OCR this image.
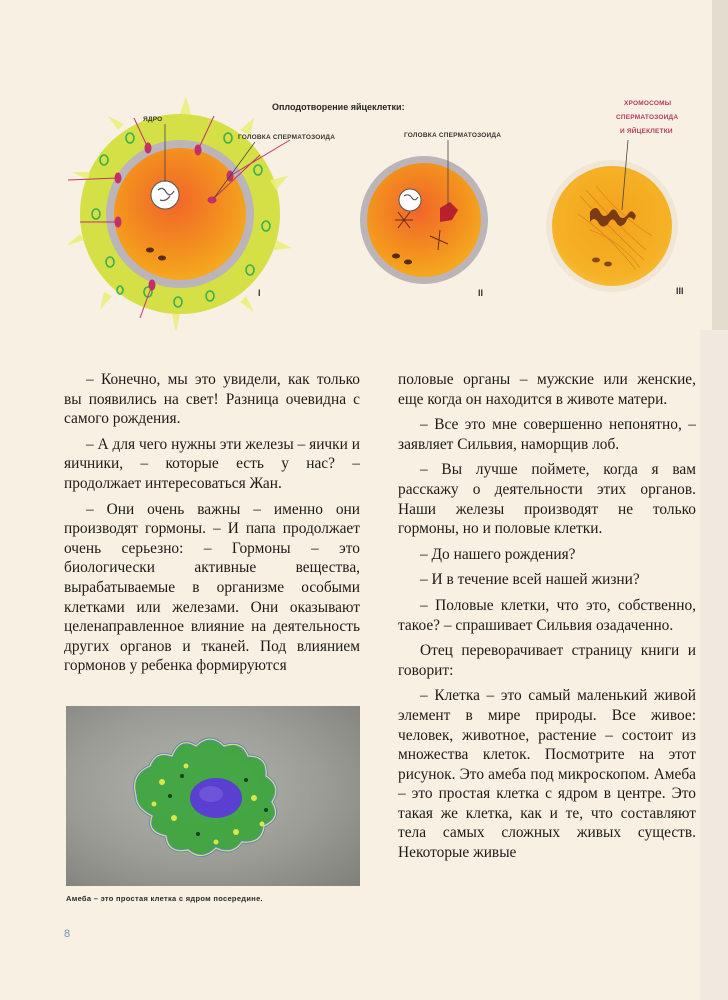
Оплодотворение яйцеклетки:
ЯДРО
ГОЛОВКА СПЕРМАТОЗОИДА	ГОЛОВКА СПЕРМАТОЗОИДА
ХРОМОСОМЫ
СПЕРМАТОЗОИДА
И ЯЙЦЕКЛЕТКИ
I	II	III

– Конечно, мы это увидели, как только вы появились на свет! Разница очевидна с самого рождения.

– А для чего нужны эти железы – яички и яичники, – которые есть у нас? – продолжает интересоваться Жан.

– Они очень важны – именно они производят гормоны. – И папа продолжает очень серьезно: – Гормоны – это биологически активные вещества, вырабатываемые в организме особыми клетками или железами. Они оказывают целенаправленное влияние на деятельность других органов и тканей. Под влиянием гормонов у ребенка формируются

Амеба – это простая клетка с ядром посередине.
8

половые органы – мужские или женские, еще когда он находится в животе матери.

– Все это мне совершенно непонятно, – заявляет Сильвия, наморщив лоб.

– Вы лучше поймете, когда я вам расскажу о деятельности этих органов. Наши железы производят не только гормоны, но и половые клетки.

– До нашего рождения?

– И в течение всей нашей жизни?

– Половые клетки, что это, собственно, такое? – спрашивает Сильвия озадаченно.

Отец переворачивает страницу книги и говорит:

– Клетка – это самый маленький живой элемент в мире природы. Все живое: человек, животное, растение – состоит из множества клеток. Посмотрите на этот рисунок. Это амеба под микроскопом. Амеба – это простая клетка с ядром в центре. Это такая же клетка, как и те, что составляют тела самых сложных живых существ. Некоторые живые
